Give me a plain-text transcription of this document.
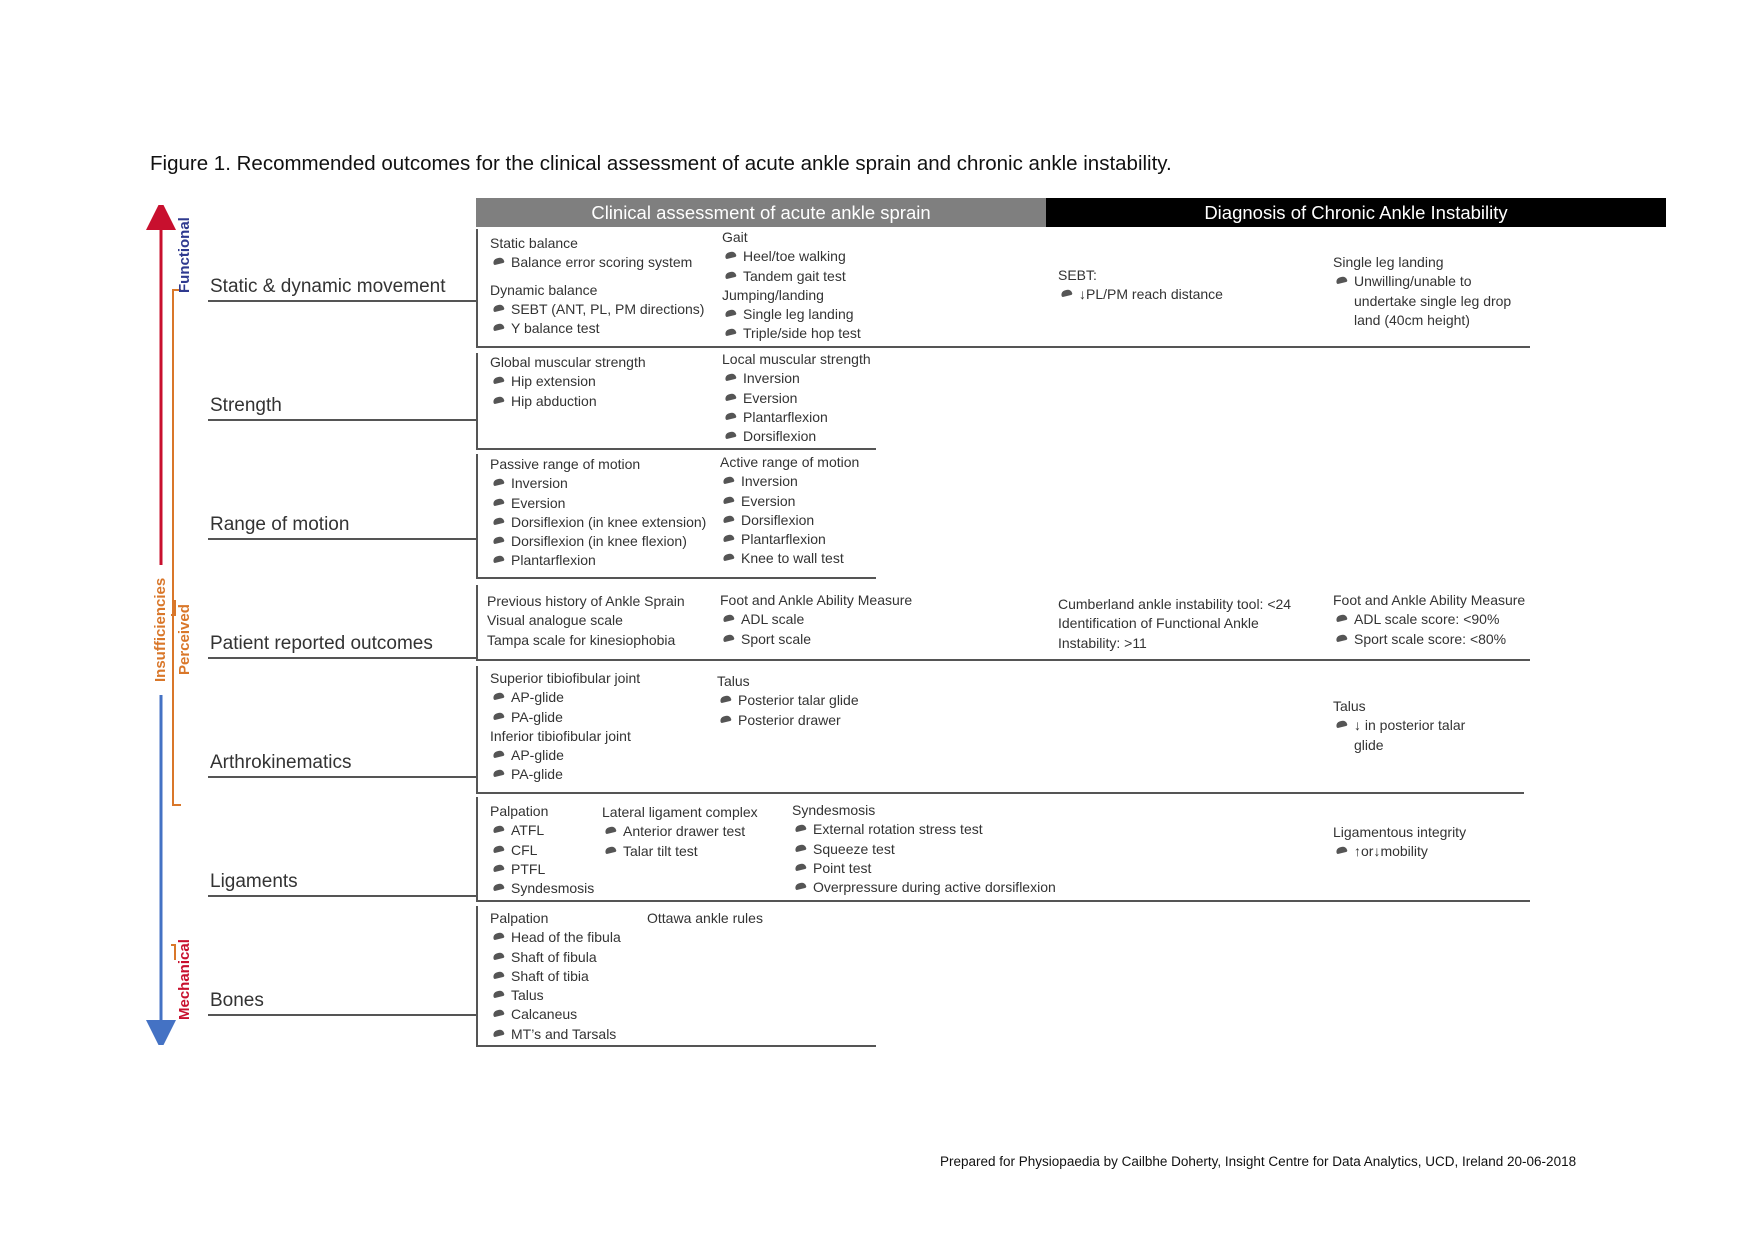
Figure 1. Recommended outcomes for the clinical assessment of acute ankle sprain and chronic ankle instability.
Clinical assessment of acute ankle sprain	Diagnosis of Chronic Ankle Instability
Functional
Insufficiencies Perceived
Mechanical
Static & dynamic movement
Strength
Range of motion
Patient reported outcomes
Arthrokinematics
Ligaments
Bones
Static balance
Balance error scoring system
Dynamic balance
SEBT (ANT, PL, PM directions)
Y balance test
Gait
Heel/toe walking
Tandem gait test
Jumping/landing
Single leg landing
Triple/side hop test
SEBT:
↓PL/PM reach distance
Single leg landing
Unwilling/unable to undertake single leg drop land (40cm height)
Global muscular strength
Hip extension
Hip abduction
Local muscular strength
Inversion
Eversion
Plantarflexion
Dorsiflexion
Passive range of motion
Inversion
Eversion
Dorsiflexion (in knee extension)
Dorsiflexion (in knee flexion)
Plantarflexion
Active range of motion
Inversion
Eversion
Dorsiflexion
Plantarflexion
Knee to wall test
Previous history of Ankle Sprain
Visual analogue scale
Tampa scale for kinesiophobia
Foot and Ankle Ability Measure
ADL scale
Sport scale
Cumberland ankle instability tool: <24
Identification of Functional Ankle
Instability: >11
Foot and Ankle Ability Measure
ADL scale score: <90%
Sport scale score: <80%
Superior tibiofibular joint
AP-glide
PA-glide
Inferior tibiofibular joint
AP-glide
PA-glide
Talus
Posterior talar glide
Posterior drawer
Talus
↓ in posterior talar glide
Palpation
ATFL
CFL
PTFL
Syndesmosis
Lateral ligament complex
Anterior drawer test
Talar tilt test
Syndesmosis
External rotation stress test
Squeeze test
Point test
Overpressure during active dorsiflexion
Ligamentous integrity
↑or↓mobility
Palpation
Head of the fibula
Shaft of fibula
Shaft of tibia
Talus
Calcaneus
MT’s and Tarsals
Ottawa ankle rules
Prepared for Physiopaedia by Cailbhe Doherty, Insight Centre for Data Analytics, UCD, Ireland 20-06-2018
